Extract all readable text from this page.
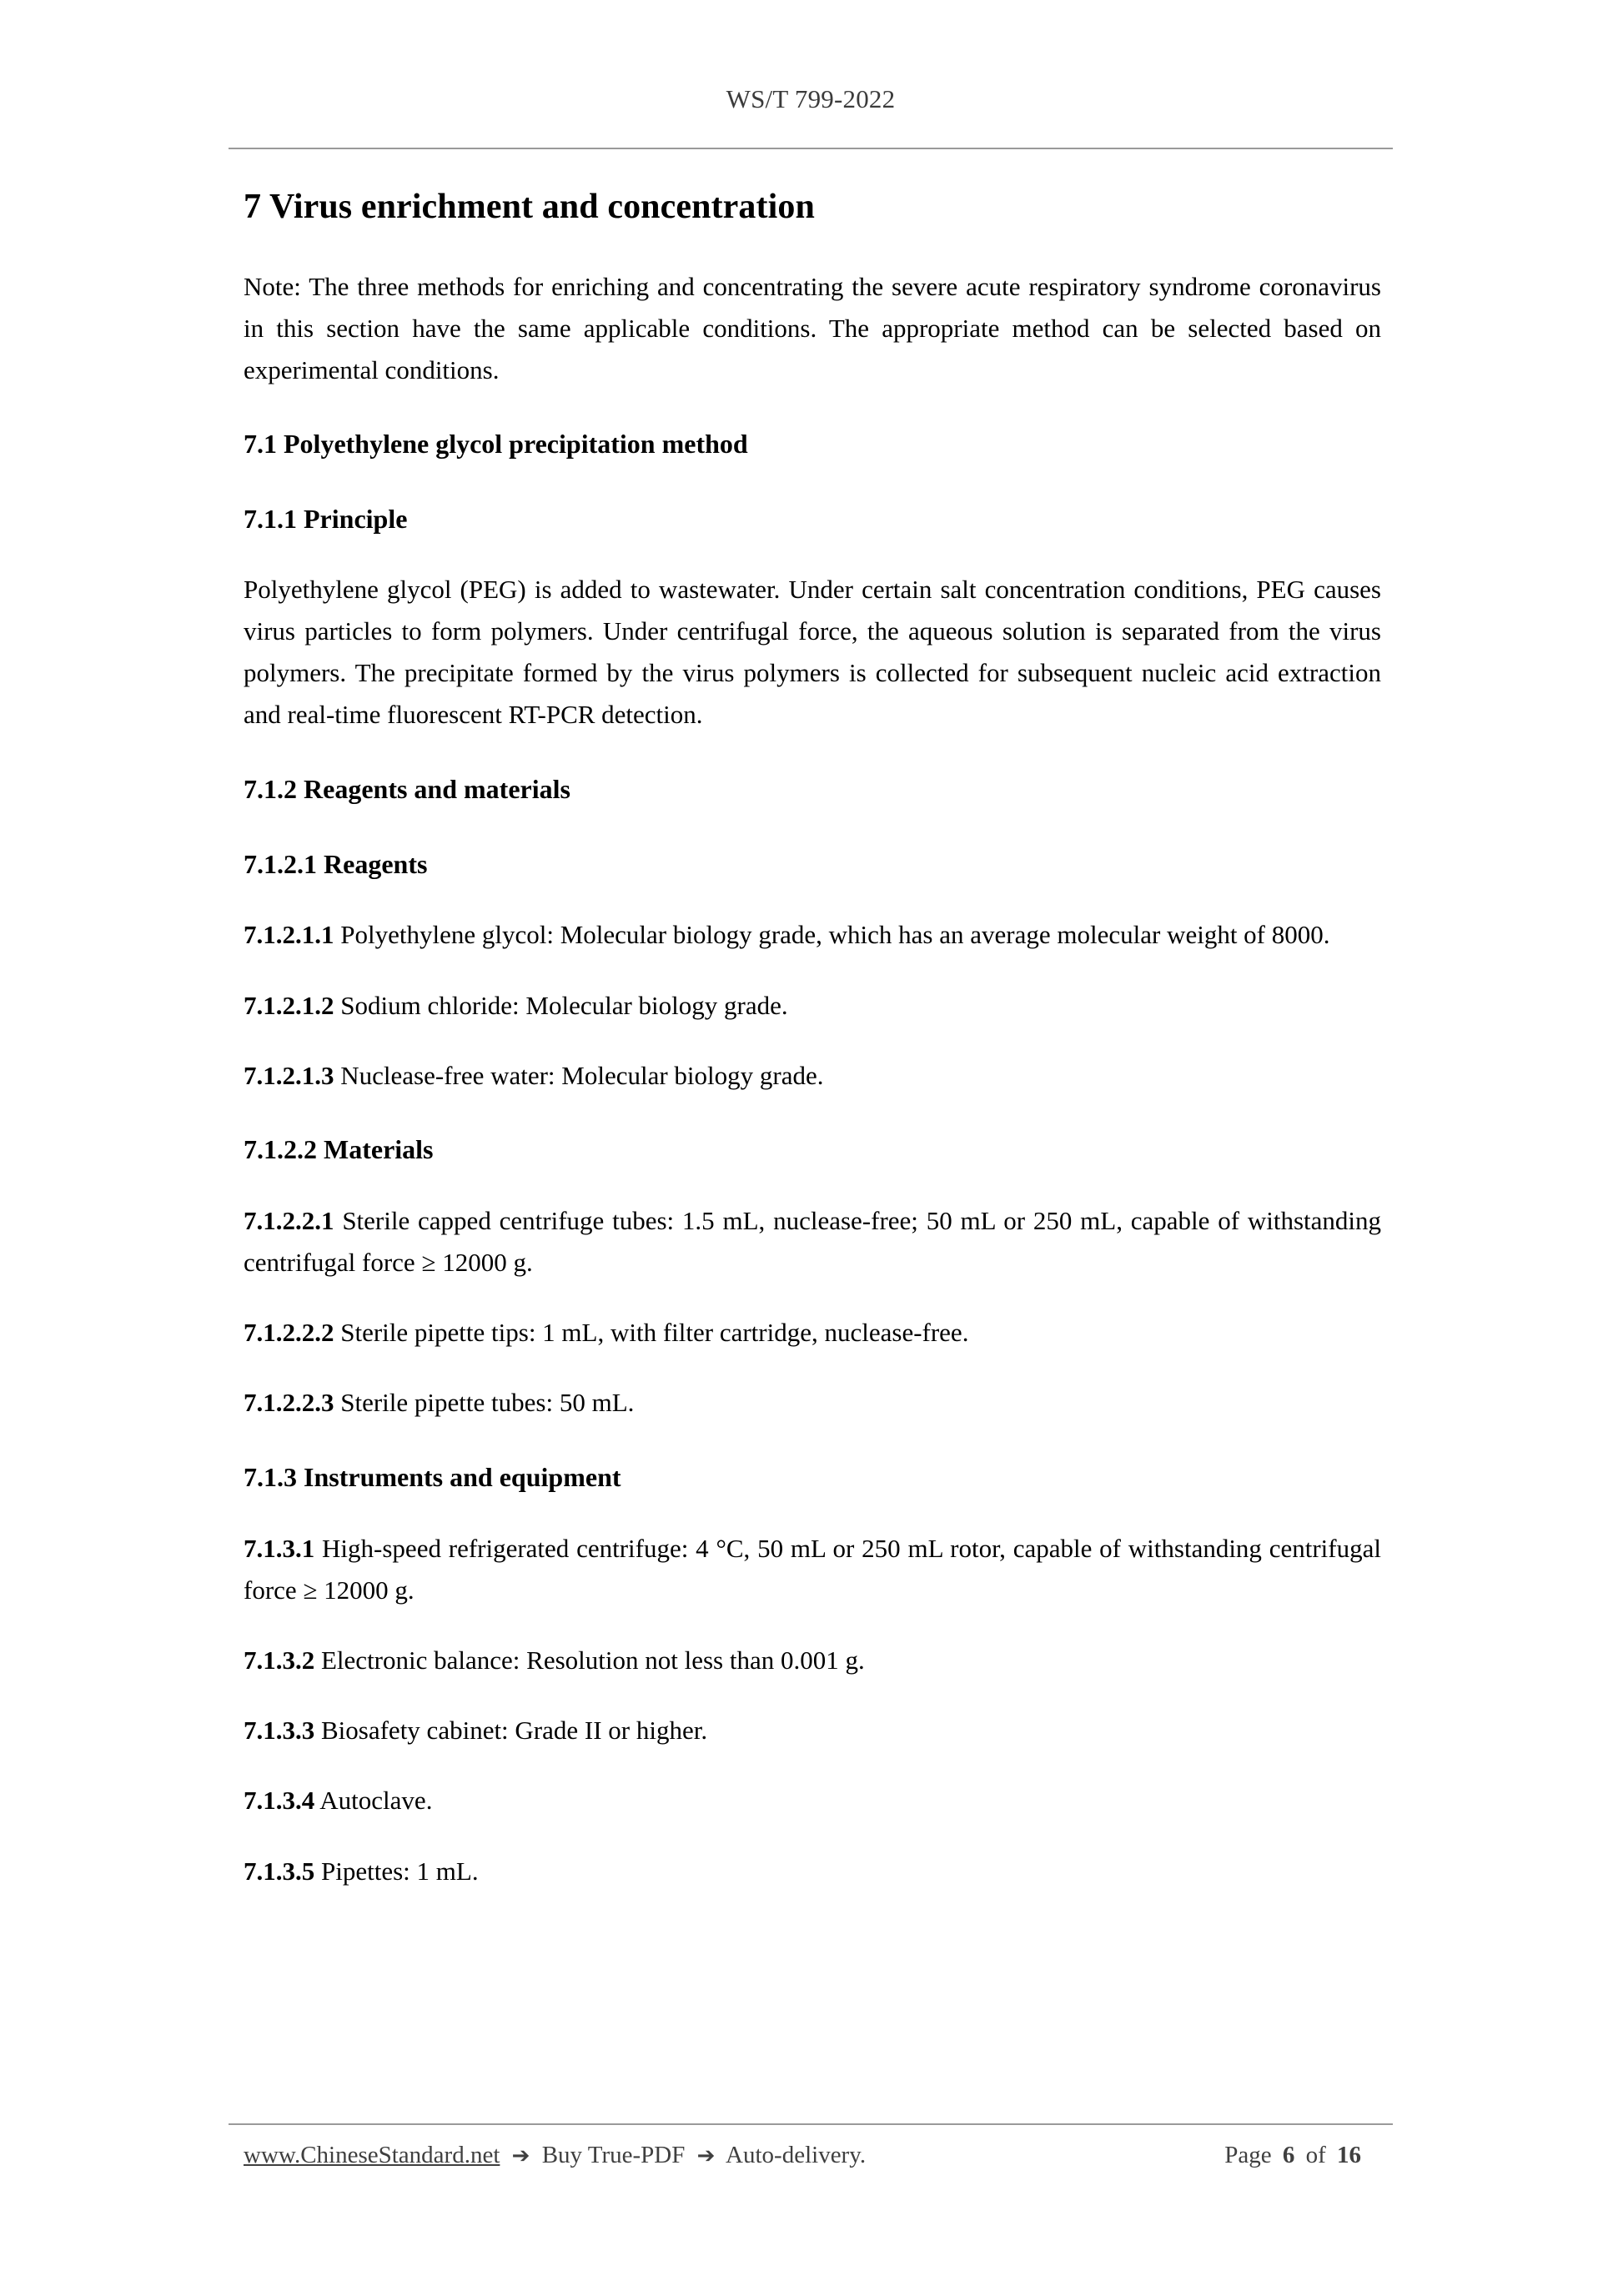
WS/T 799-2022
7 Virus enrichment and concentration

Note: The three methods for enriching and concentrating the severe acute respiratory syndrome coronavirus in this section have the same applicable conditions. The appropriate method can be selected based on experimental conditions.

7.1 Polyethylene glycol precipitation method

7.1.1 Principle

Polyethylene glycol (PEG) is added to wastewater. Under certain salt concentration conditions, PEG causes virus particles to form polymers. Under centrifugal force, the aqueous solution is separated from the virus polymers. The precipitate formed by the virus polymers is collected for subsequent nucleic acid extraction and real-time fluorescent RT-PCR detection.

7.1.2 Reagents and materials

7.1.2.1 Reagents

7.1.2.1.1 Polyethylene glycol: Molecular biology grade, which has an average molecular weight of 8000.

7.1.2.1.2 Sodium chloride: Molecular biology grade.

7.1.2.1.3 Nuclease-free water: Molecular biology grade.

7.1.2.2 Materials

7.1.2.2.1 Sterile capped centrifuge tubes: 1.5 mL, nuclease-free; 50 mL or 250 mL, capable of withstanding centrifugal force ≥ 12000 g.

7.1.2.2.2 Sterile pipette tips: 1 mL, with filter cartridge, nuclease-free.

7.1.2.2.3 Sterile pipette tubes: 50 mL.

7.1.3 Instruments and equipment

7.1.3.1 High-speed refrigerated centrifuge: 4 °C, 50 mL or 250 mL rotor, capable of withstanding centrifugal force ≥ 12000 g.

7.1.3.2 Electronic balance: Resolution not less than 0.001 g.

7.1.3.3 Biosafety cabinet: Grade II or higher.

7.1.3.4 Autoclave.

7.1.3.5 Pipettes: 1 mL.

www.ChineseStandard.net ➔ Buy True-PDF ➔ Auto-delivery.	Page 6 of 16
